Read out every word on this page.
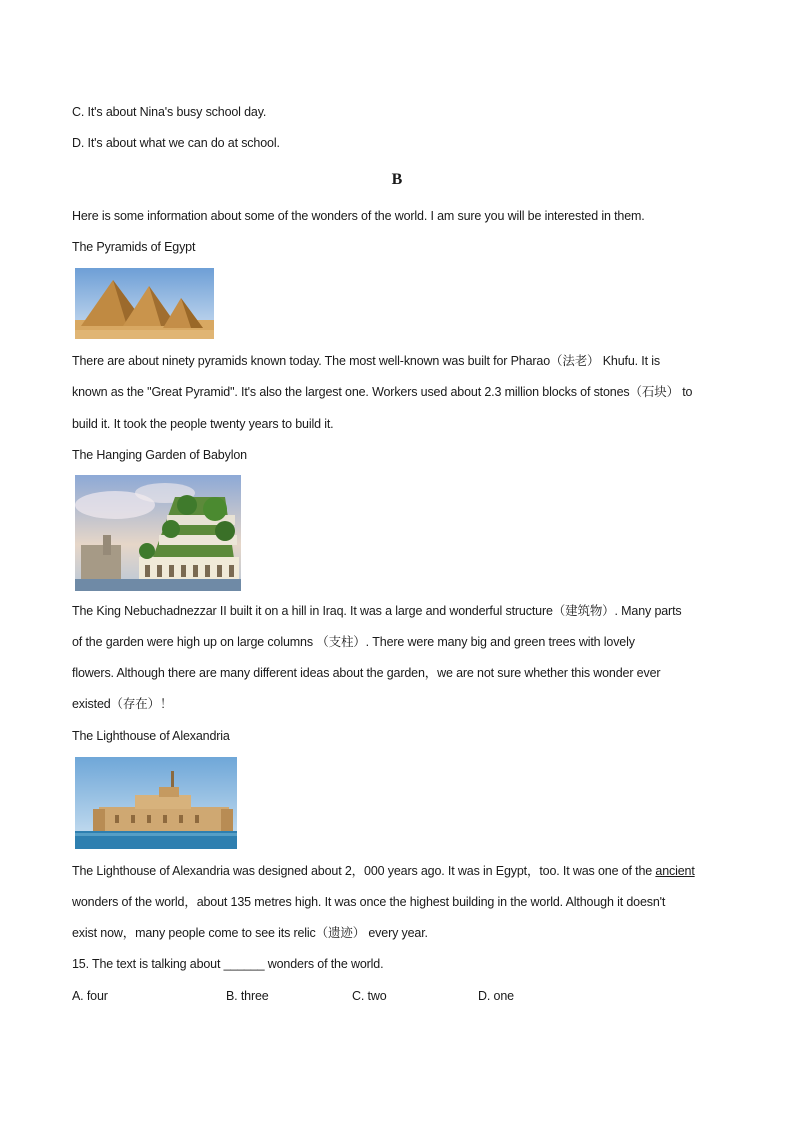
C. It's about Nina's busy school day.
D. It's about what we can do at school.
B
Here is some information about some of the wonders of the world. I am sure you will be interested in them.
The Pyramids of Egypt
There are about ninety pyramids known today. The most well-known was built for Pharao（法老） Khufu. It is
known as the "Great Pyramid". It's also the largest one. Workers used about 2.3 million blocks of stones（石块） to
build it. It took the people twenty years to build it.
The Hanging Garden of Babylon
The King Nebuchadnezzar II built it on a hill in Iraq. It was a large and wonderful structure（建筑物）. Many parts
of the garden were high up on large columns （支柱）. There were many big and green trees with lovely
flowers. Although there are many different ideas about the garden，we are not sure whether this wonder ever
existed（存在）！
The Lighthouse of Alexandria
The Lighthouse of Alexandria was designed about 2，000 years ago. It was in Egypt，too. It was one of the ancient
wonders of the world，about 135 metres high. It was once the highest building in the world. Although it doesn't
exist now，many people come to see its relic（遗迹） every year.
15. The text is talking about ______ wonders of the world.
A. four	B. three	C. two	D. one
